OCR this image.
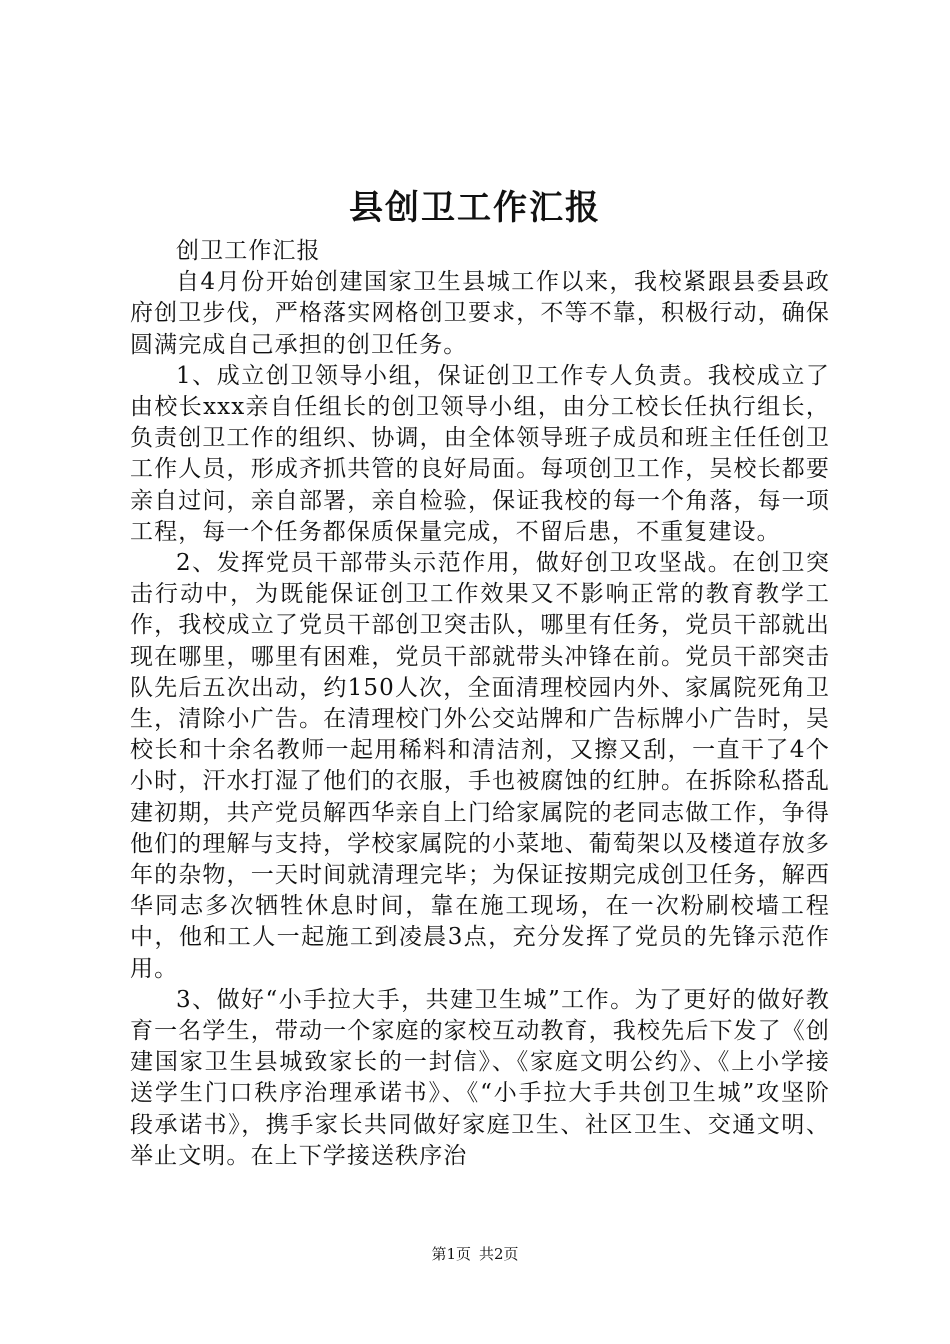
县创卫工作汇报

创卫工作汇报

自4月份开始创建国家卫生县城工作以来，我校紧跟县委县政府创卫步伐，严格落实网格创卫要求，不等不靠，积极行动，确保圆满完成自己承担的创卫任务。

1、成立创卫领导小组，保证创卫工作专人负责。我校成立了由校长xxx亲自任组长的创卫领导小组，由分工校长任执行组长，负责创卫工作的组织、协调，由全体领导班子成员和班主任任创卫工作人员，形成齐抓共管的良好局面。每项创卫工作，吴校长都要亲自过问，亲自部署，亲自检验，保证我校的每一个角落，每一项工程，每一个任务都保质保量完成，不留后患，不重复建设。

2、发挥党员干部带头示范作用，做好创卫攻坚战。在创卫突击行动中，为既能保证创卫工作效果又不影响正常的教育教学工作，我校成立了党员干部创卫突击队，哪里有任务，党员干部就出现在哪里，哪里有困难，党员干部就带头冲锋在前。党员干部突击队先后五次出动，约150人次，全面清理校园内外、家属院死角卫生，清除小广告。在清理校门外公交站牌和广告标牌小广告时，吴校长和十余名教师一起用稀料和清洁剂，又擦又刮，一直干了4个小时，汗水打湿了他们的衣服，手也被腐蚀的红肿。在拆除私搭乱建初期，共产党员解西华亲自上门给家属院的老同志做工作，争得他们的理解与支持，学校家属院的小菜地、葡萄架以及楼道存放多年的杂物，一天时间就清理完毕；为保证按期完成创卫任务，解西华同志多次牺牲休息时间，靠在施工现场，在一次粉刷校墙工程中，他和工人一起施工到凌晨3点，充分发挥了党员的先锋示范作用。

3、做好“小手拉大手，共建卫生城”工作。为了更好的做好教育一名学生，带动一个家庭的家校互动教育，我校先后下发了《创建国家卫生县城致家长的一封信》、《家庭文明公约》、《上小学接送学生门口秩序治理承诺书》、《“小手拉大手共创卫生城”攻坚阶段承诺书》，携手家长共同做好家庭卫生、社区卫生、交通文明、举止文明。在上下学接送秩序治

第1页 共2页
